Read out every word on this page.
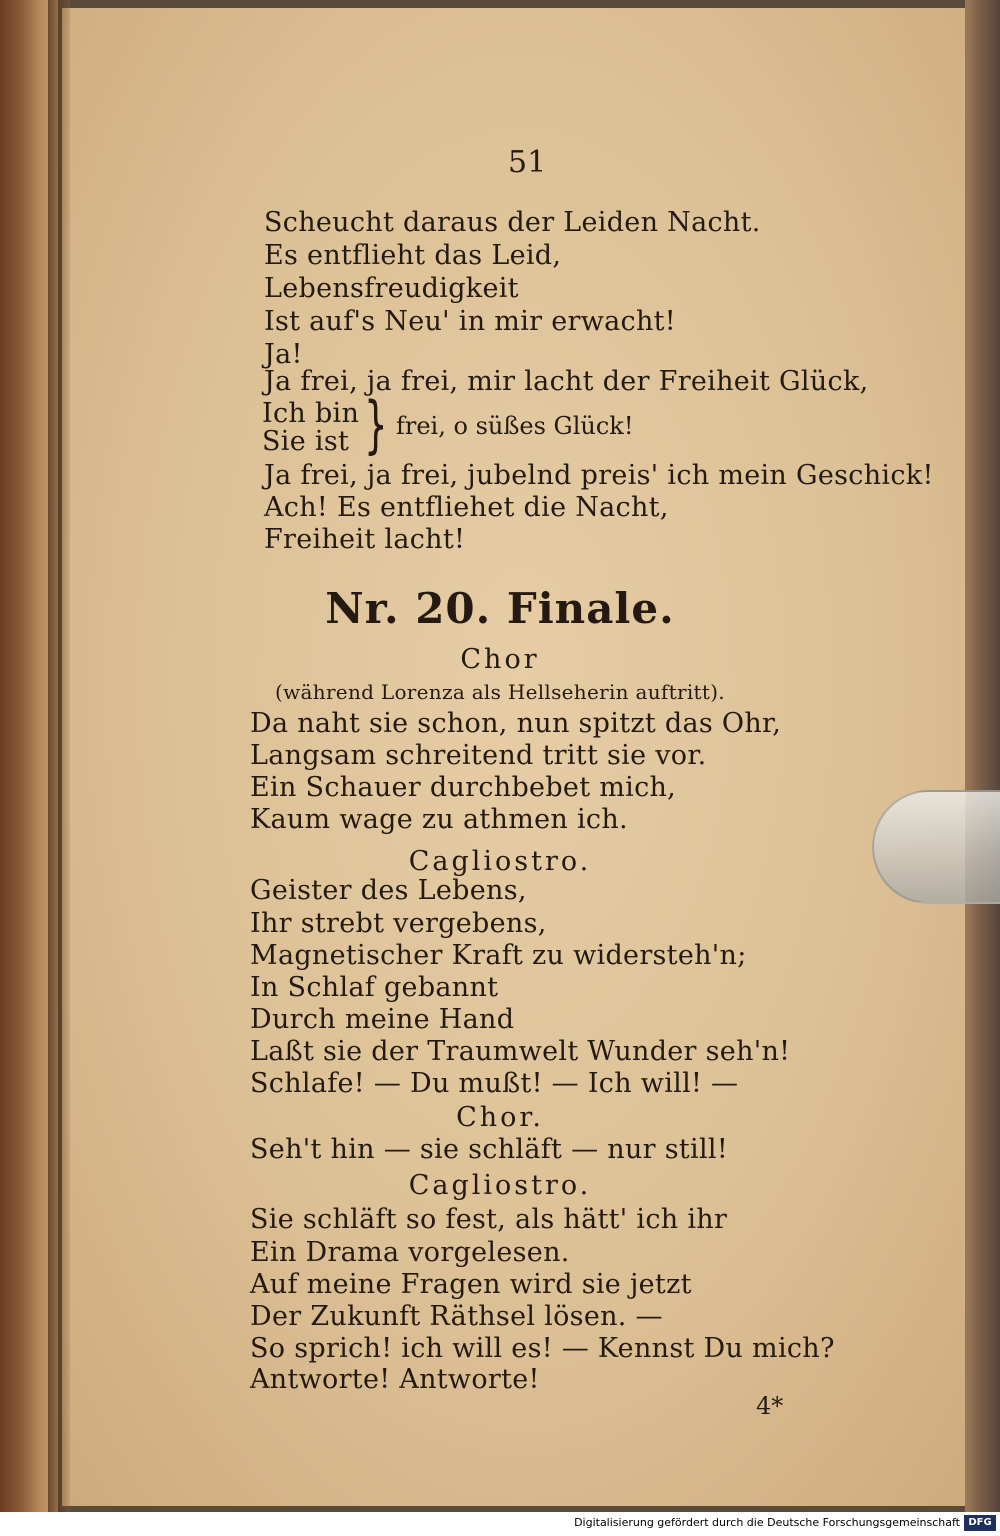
51
Scheucht daraus der Leiden Nacht.
Es entflieht das Leid,
Lebensfreudigkeit
Ist auf's Neu' in mir erwacht!
Ja!
Ja frei, ja frei, mir lacht der Freiheit Glück,
Ich bin
Sie ist } frei, o süßes Glück!
Ja frei, ja frei, jubelnd preis' ich mein Geschick!
Ach! Es entfliehet die Nacht,
Freiheit lacht!
Nr. 20. Finale.
Chor
(während Lorenza als Hellseherin auftritt).
Da naht sie schon, nun spitzt das Ohr,
Langsam schreitend tritt sie vor.
Ein Schauer durchbebet mich,
Kaum wage zu athmen ich.
Cagliostro.
Geister des Lebens,
Ihr strebt vergebens,
Magnetischer Kraft zu widersteh'n;
In Schlaf gebannt
Durch meine Hand
Laßt sie der Traumwelt Wunder seh'n!
Schlafe! — Du mußt! — Ich will! —
Chor.
Seh't hin — sie schläft — nur still!
Cagliostro.
Sie schläft so fest, als hätt' ich ihr
Ein Drama vorgelesen.
Auf meine Fragen wird sie jetzt
Der Zukunft Räthsel lösen. —
So sprich! ich will es! — Kennst Du mich?
Antworte! Antworte!
4*
Digitalisierung gefördert durch die Deutsche Forschungsgemeinschaft DFG
